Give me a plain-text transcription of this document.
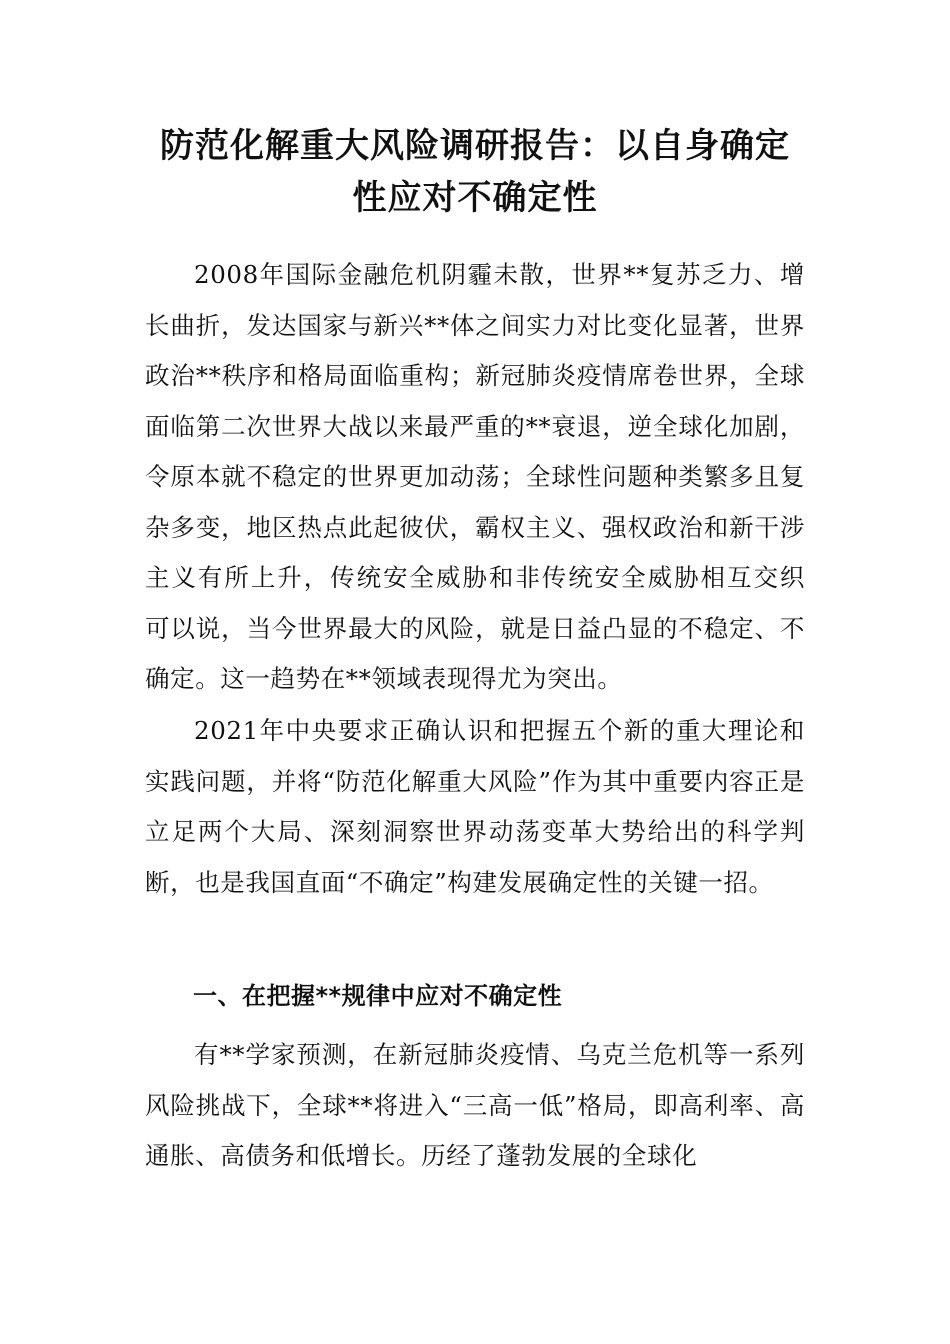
防范化解重大风险调研报告：以自身确定性应对不确定性

2008年国际金融危机阴霾未散，世界**复苏乏力、增长曲折，发达国家与新兴**体之间实力对比变化显著，世界政治**秩序和格局面临重构；新冠肺炎疫情席卷世界，全球面临第二次世界大战以来最严重的**衰退，逆全球化加剧，令原本就不稳定的世界更加动荡；全球性问题种类繁多且复杂多变，地区热点此起彼伏，霸权主义、强权政治和新干涉主义有所上升，传统安全威胁和非传统安全威胁相互交织 可以说，当今世界最大的风险，就是日益凸显的不稳定、不确定。这一趋势在**领域表现得尤为突出。

2021年中央要求正确认识和把握五个新的重大理论和实践问题，并将“防范化解重大风险”作为其中重要内容正是立足两个大局、深刻洞察世界动荡变革大势给出的科学判断，也是我国直面“不确定”构建发展确定性的关键一招。

一、在把握**规律中应对不确定性

有**学家预测，在新冠肺炎疫情、乌克兰危机等一系列风险挑战下，全球**将进入“三高一低”格局，即高利率、高通胀、高债务和低增长。历经了蓬勃发展的全球化
